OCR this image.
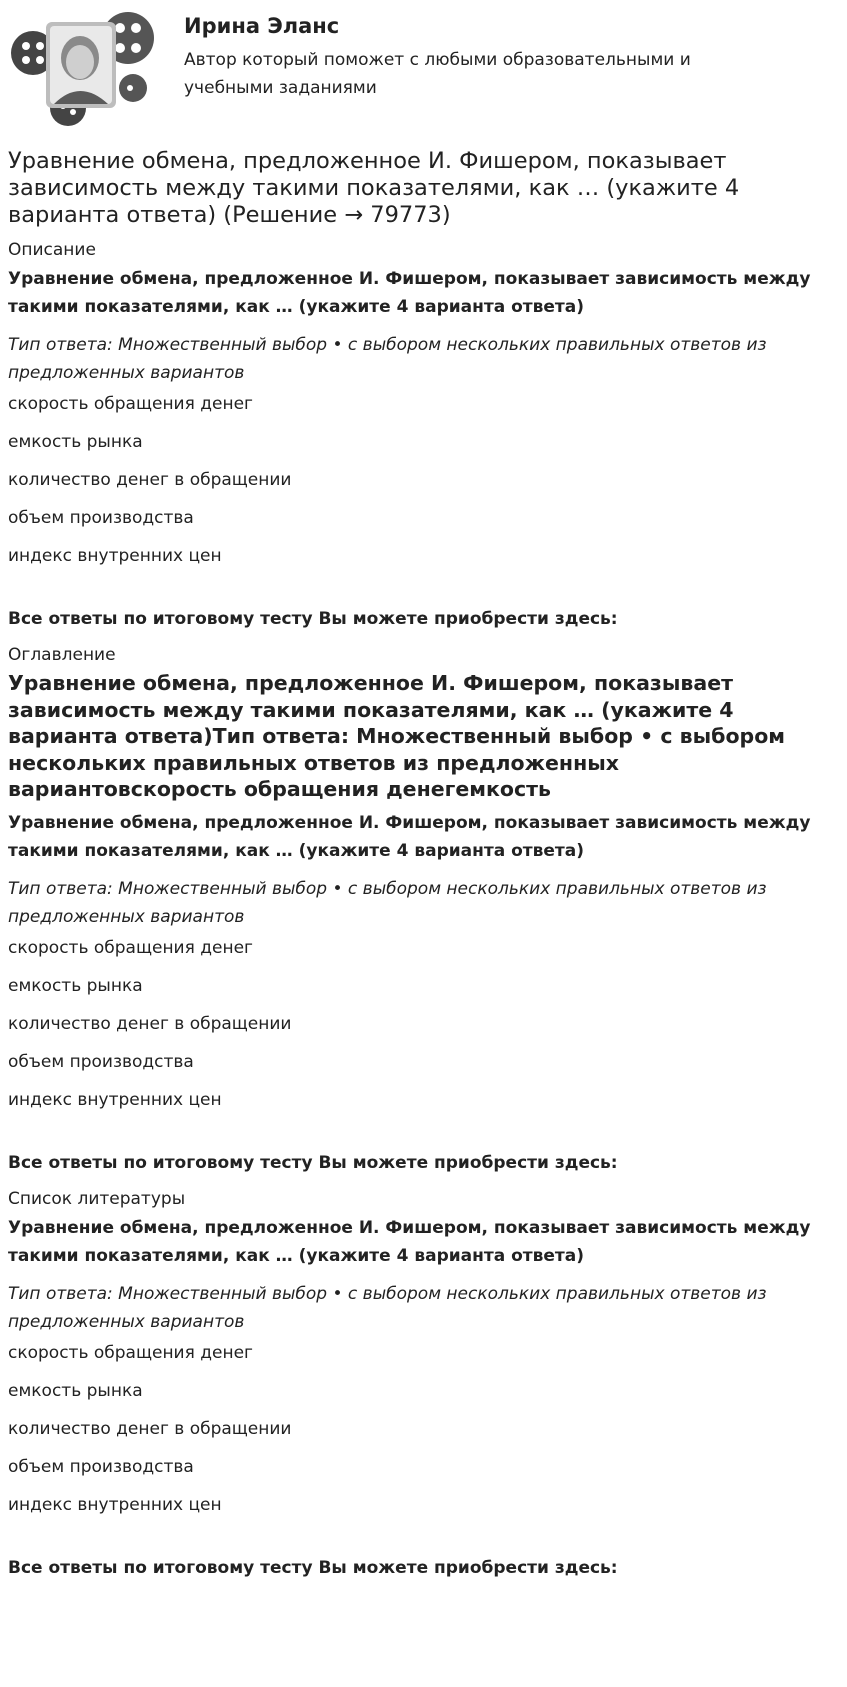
Ирина Эланс
Автор который поможет с любыми образовательными и учебными заданиями
Уравнение обмена, предложенное И. Фишером, показывает зависимость между такими показателями, как … (укажите 4 варианта ответа) (Решение → 79773)
Описание
Уравнение обмена, предложенное И. Фишером, показывает зависимость между такими показателями, как … (укажите 4 варианта ответа)
Тип ответа: Множественный выбор • с выбором нескольких правильных ответов из предложенных вариантов
скорость обращения денег
емкость рынка
количество денег в обращении
объем производства
индекс внутренних цен
Все ответы по итоговому тесту Вы можете приобрести здесь:
Оглавление
Уравнение обмена, предложенное И. Фишером, показывает зависимость между такими показателями, как … (укажите 4 варианта ответа)Тип ответа: Множественный выбор • с выбором нескольких правильных ответов из предложенных вариантовскорость обращения денегемкость
Уравнение обмена, предложенное И. Фишером, показывает зависимость между такими показателями, как … (укажите 4 варианта ответа)
Тип ответа: Множественный выбор • с выбором нескольких правильных ответов из предложенных вариантов
скорость обращения денег
емкость рынка
количество денег в обращении
объем производства
индекс внутренних цен
Все ответы по итоговому тесту Вы можете приобрести здесь:
Список литературы
Уравнение обмена, предложенное И. Фишером, показывает зависимость между такими показателями, как … (укажите 4 варианта ответа)
Тип ответа: Множественный выбор • с выбором нескольких правильных ответов из предложенных вариантов
скорость обращения денег
емкость рынка
количество денег в обращении
объем производства
индекс внутренних цен
Все ответы по итоговому тесту Вы можете приобрести здесь:
